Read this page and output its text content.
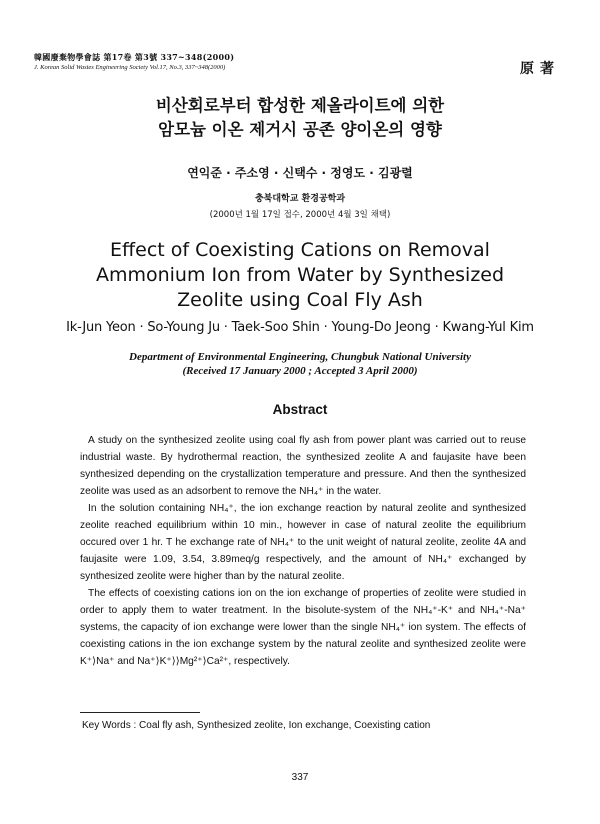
韓國廢棄物學會誌 第17卷 第3號 337~348(2000)
J. Korean Solid Wastes Engineering Society Vol.17, No.3, 337~348(2000)	原著
비산회로부터 합성한 제올라이트에 의한
암모늄 이온 제거시 공존 양이온의 영향
연익준 · 주소영 · 신택수 · 정영도 · 김광렬
충북대학교 환경공학과
(2000년 1월 17일 접수, 2000년 4월 3일 채택)
Effect of Coexisting Cations on Removal
Ammonium Ion from Water by Synthesized
Zeolite using Coal Fly Ash
Ik-Jun Yeon · So-Young Ju · Taek-Soo Shin · Young-Do Jeong · Kwang-Yul Kim
Department of Environmental Engineering, Chungbuk National University
(Received 17 January 2000 ; Accepted 3 April 2000)
Abstract

A study on the synthesized zeolite using coal fly ash from power plant was carried out to reuse industrial waste. By hydrothermal reaction, the synthesized zeolite A and faujasite have been synthesized depending on the crystallization temperature and pressure. And then the synthesized zeolite was used as an adsorbent to remove the NH₄⁺ in the water.

In the solution containing NH₄⁺, the ion exchange reaction by natural zeolite and synthesized zeolite reached equilibrium within 10 min., however in case of natural zeolite the equilibrium occured over 1 hr. T he exchange rate of NH₄⁺ to the unit weight of natural zeolite, zeolite 4A and faujasite were 1.09, 3.54, 3.89meq/g respectively, and the amount of NH₄⁺ exchanged by synthesized zeolite were higher than by the natural zeolite.

The effects of coexisting cations ion on the ion exchange of properties of zeolite were studied in order to apply them to water treatment. In the bisolute-system of the NH₄⁺-K⁺ and NH₄⁺-Na⁺ systems, the capacity of ion exchange were lower than the single NH₄⁺ ion system. The effects of coexisting cations in the ion exchange system by the natural zeolite and synthesized zeolite were K⁺⟩Na⁺ and Na⁺⟩K⁺⟩⟩Mg²⁺⟩Ca²⁺, respectively.

Key Words : Coal fly ash, Synthesized zeolite, Ion exchange, Coexisting cation
337
